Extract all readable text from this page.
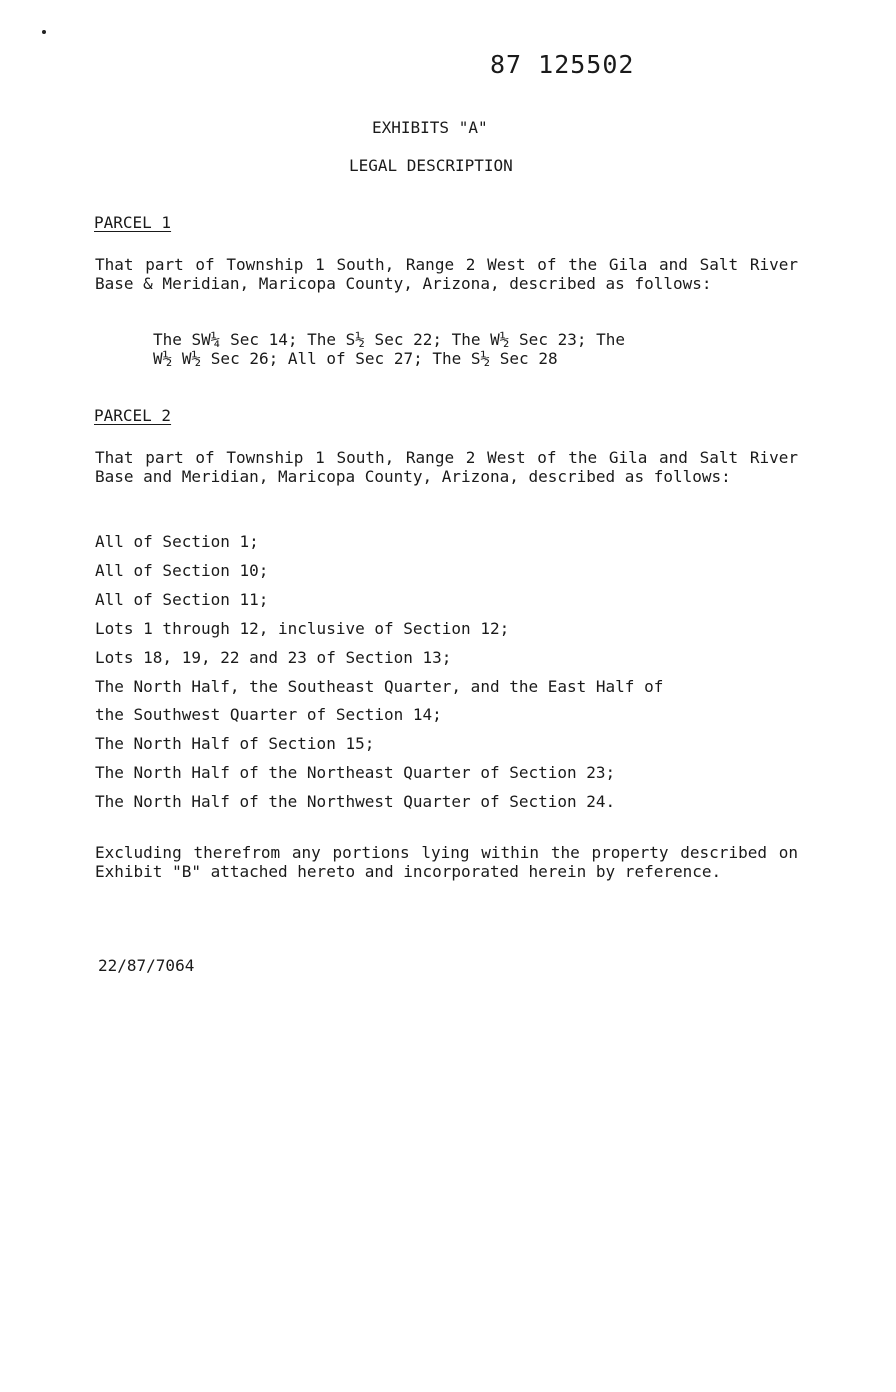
87 125502
EXHIBITS "A"
LEGAL DESCRIPTION
PARCEL 1
That part of Township 1 South, Range 2 West of the Gila and Salt River Base & Meridian, Maricopa County, Arizona, described as follows:
The SW¼ Sec 14; The S½ Sec 22; The W½ Sec 23; The
W½ W½ Sec 26; All of Sec 27; The S½ Sec 28
PARCEL 2
That part of Township 1 South, Range 2 West of the Gila and Salt River Base and Meridian, Maricopa County, Arizona, described as follows:
All of Section 1;
All of Section 10;
All of Section 11;
Lots 1 through 12, inclusive of Section 12;
Lots 18, 19, 22 and 23 of Section 13;
The North Half, the Southeast Quarter, and the East Half of
the Southwest Quarter of Section 14;
The North Half of Section 15;
The North Half of the Northeast Quarter of Section 23;
The North Half of the Northwest Quarter of Section 24.
Excluding therefrom any portions lying within the property described on Exhibit "B" attached hereto and incorporated herein by reference.
22/87/7064
